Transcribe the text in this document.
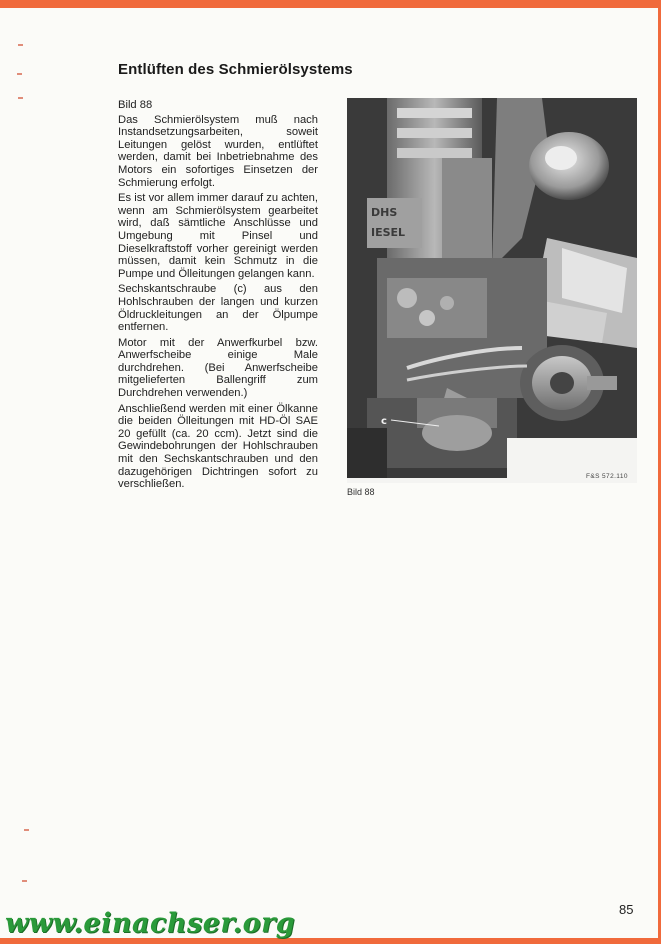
Entlüften des Schmierölsystems
Bild 88

Das Schmierölsystem muß nach Instandsetzungsarbeiten, soweit Leitungen gelöst wurden, entlüftet werden, damit bei Inbetriebnahme des Motors ein sofortiges Einsetzen der Schmierung erfolgt.

Es ist vor allem immer darauf zu achten, wenn am Schmierölsystem gearbeitet wird, daß sämtliche Anschlüsse und Umgebung mit Pinsel und Dieselkraftstoff vorher gereinigt werden müssen, damit kein Schmutz in die Pumpe und Ölleitungen gelangen kann.

Sechskantschraube (c) aus den Hohlschrauben der langen und kurzen Öldruckleitungen an der Ölpumpe entfernen.

Motor mit der Anwerfkurbel bzw. Anwerfscheibe einige Male durchdrehen. (Bei Anwerfscheibe mitgelieferten Ballengriff zum Durchdrehen verwenden.)

Anschließend werden mit einer Ölkanne die beiden Ölleitungen mit HD-Öl SAE 20 gefüllt (ca. 20 ccm). Jetzt sind die Gewindebohrungen der Hohlschrauben mit den Sechskantschrauben und den dazugehörigen Dichtringen sofort zu verschließen.

DHS
IESEL
c
F&S 572.110
Bild 88
85
www.einachser.org
